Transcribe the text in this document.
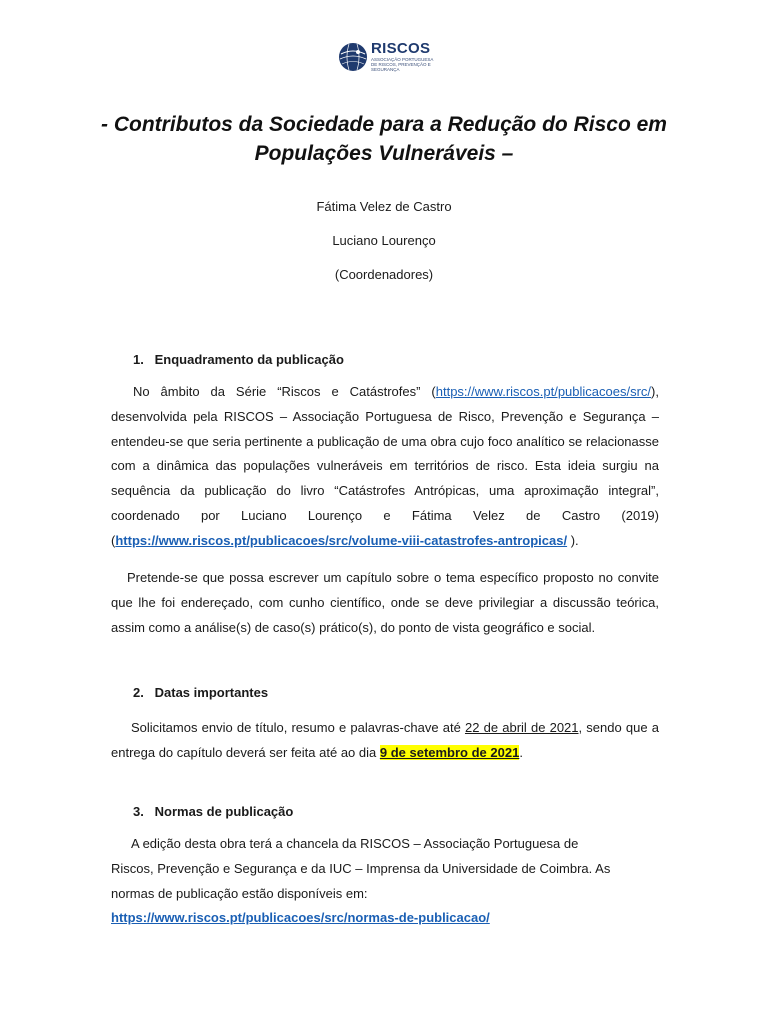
RISCOS
ASSOCIAÇÃO PORTUGUESA DE RISCOS, PREVENÇÃO E SEGURANÇA
- Contributos da Sociedade para a Redução do Risco em
Populações Vulneráveis –
Fátima Velez de Castro
Luciano Lourenço
(Coordenadores)
1. Enquadramento da publicação
No âmbito da Série “Riscos e Catástrofes” (https://www.riscos.pt/publicacoes/src/), desenvolvida pela RISCOS – Associação Portuguesa de Risco, Prevenção e Segurança – entendeu-se que seria pertinente a publicação de uma obra cujo foco analítico se relacionasse com a dinâmica das populações vulneráveis em territórios de risco. Esta ideia surgiu na sequência da publicação do livro “Catástrofes Antrópicas, uma aproximação integral”, coordenado por Luciano Lourenço e Fátima Velez de Castro (2019) (https://www.riscos.pt/publicacoes/src/volume-viii-catastrofes-antropicas/ ).
Pretende-se que possa escrever um capítulo sobre o tema específico proposto no convite que lhe foi endereçado, com cunho científico, onde se deve privilegiar a discussão teórica, assim como a análise(s) de caso(s) prático(s), do ponto de vista geográfico e social.
2. Datas importantes
Solicitamos envio de título, resumo e palavras-chave até 22 de abril de 2021, sendo que a entrega do capítulo deverá ser feita até ao dia 9 de setembro de 2021.
3. Normas de publicação
A edição desta obra terá a chancela da RISCOS – Associação Portuguesa de Riscos, Prevenção e Segurança e da IUC – Imprensa da Universidade de Coimbra. As normas de publicação estão disponíveis em: https://www.riscos.pt/publicacoes/src/normas-de-publicacao/
